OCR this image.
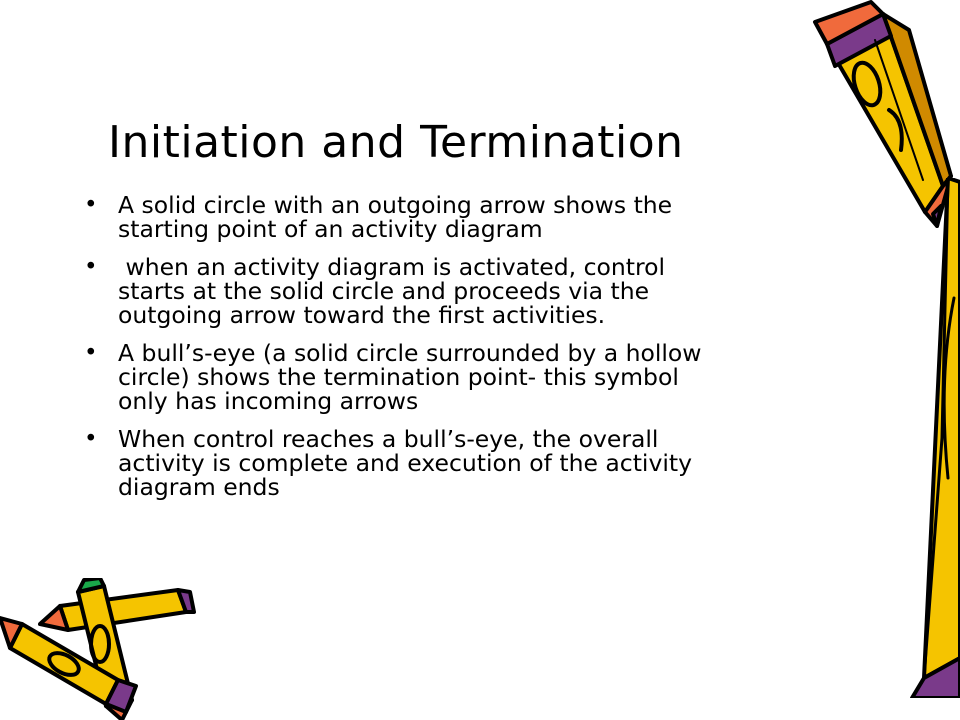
Initiation and Termination
• A solid circle with an outgoing arrow shows the
starting point of an activity diagram
• when an activity diagram is activated, control
starts at the solid circle and proceeds via the
outgoing arrow toward the first activities.
• A bull’s-eye (a solid circle surrounded by a hollow
circle) shows the termination point- this symbol
only has incoming arrows
• When control reaches a bull’s-eye, the overall
activity is complete and execution of the activity
diagram ends
